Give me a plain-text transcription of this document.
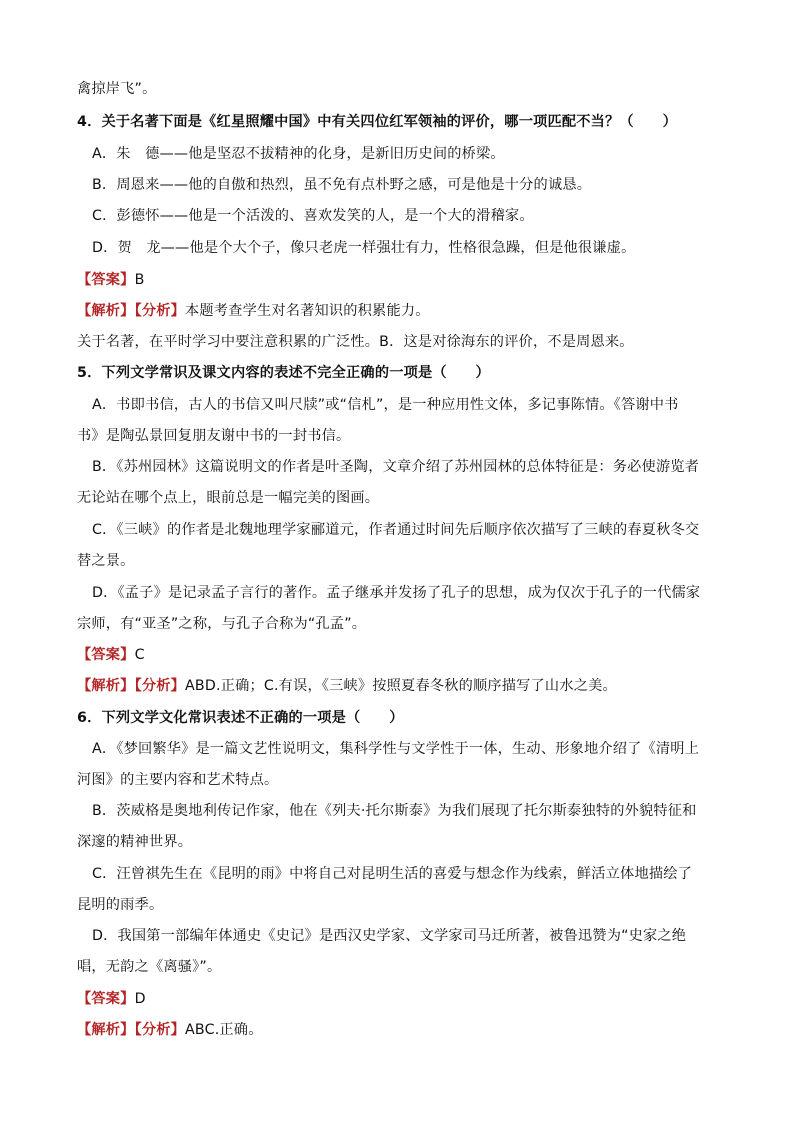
禽掠岸飞”。
4．关于名著下面是《红星照耀中国》中有关四位红军领袖的评价，哪一项匹配不当？（　　）
A．朱　德——他是坚忍不拔精神的化身，是新旧历史间的桥梁。
B．周恩来——他的自傲和热烈，虽不免有点朴野之感，可是他是十分的诚恳。
C．彭德怀——他是一个活泼的、喜欢发笑的人，是一个大的滑稽家。
D．贺　龙——他是个大个子，像只老虎一样强壮有力，性格很急躁，但是他很谦虚。
【答案】B
【解析】【分析】本题考查学生对名著知识的积累能力。
关于名著，在平时学习中要注意积累的广泛性。B．这是对徐海东的评价，不是周恩来。
5．下列文学常识及课文内容的表述不完全正确的一项是（　　）
A．书即书信，古人的书信又叫尺牍”或“信札”，是一种应用性文体，多记事陈情。《答谢中书
书》是陶弘景回复朋友谢中书的一封书信。
B．《苏州园林》这篇说明文的作者是叶圣陶，文章介绍了苏州园林的总体特征是：务必使游览者
无论站在哪个点上，眼前总是一幅完美的图画。
C．《三峡》的作者是北魏地理学家郦道元，作者通过时间先后顺序依次描写了三峡的春夏秋冬交
替之景。
D．《孟子》是记录孟子言行的著作。孟子继承并发扬了孔子的思想，成为仅次于孔子的一代儒家
宗师，有“亚圣”之称，与孔子合称为“孔孟”。
【答案】C
【解析】【分析】ABD.正确；C.有误，《三峡》按照夏春冬秋的顺序描写了山水之美。
6．下列文学文化常识表述不正确的一项是（　　）
A．《梦回繁华》是一篇文艺性说明文，集科学性与文学性于一体，生动、形象地介绍了《清明上
河图》的主要内容和艺术特点。
B．茨威格是奥地利传记作家，他在《列夫·托尔斯泰》为我们展现了托尔斯泰独特的外貌特征和
深邃的精神世界。
C．汪曾祺先生在《昆明的雨》中将自己对昆明生活的喜爱与想念作为线索，鲜活立体地描绘了
昆明的雨季。
D．我国第一部编年体通史《史记》是西汉史学家、文学家司马迁所著，被鲁迅赞为“史家之绝
唱，无韵之《离骚》”。
【答案】D
【解析】【分析】ABC.正确。
